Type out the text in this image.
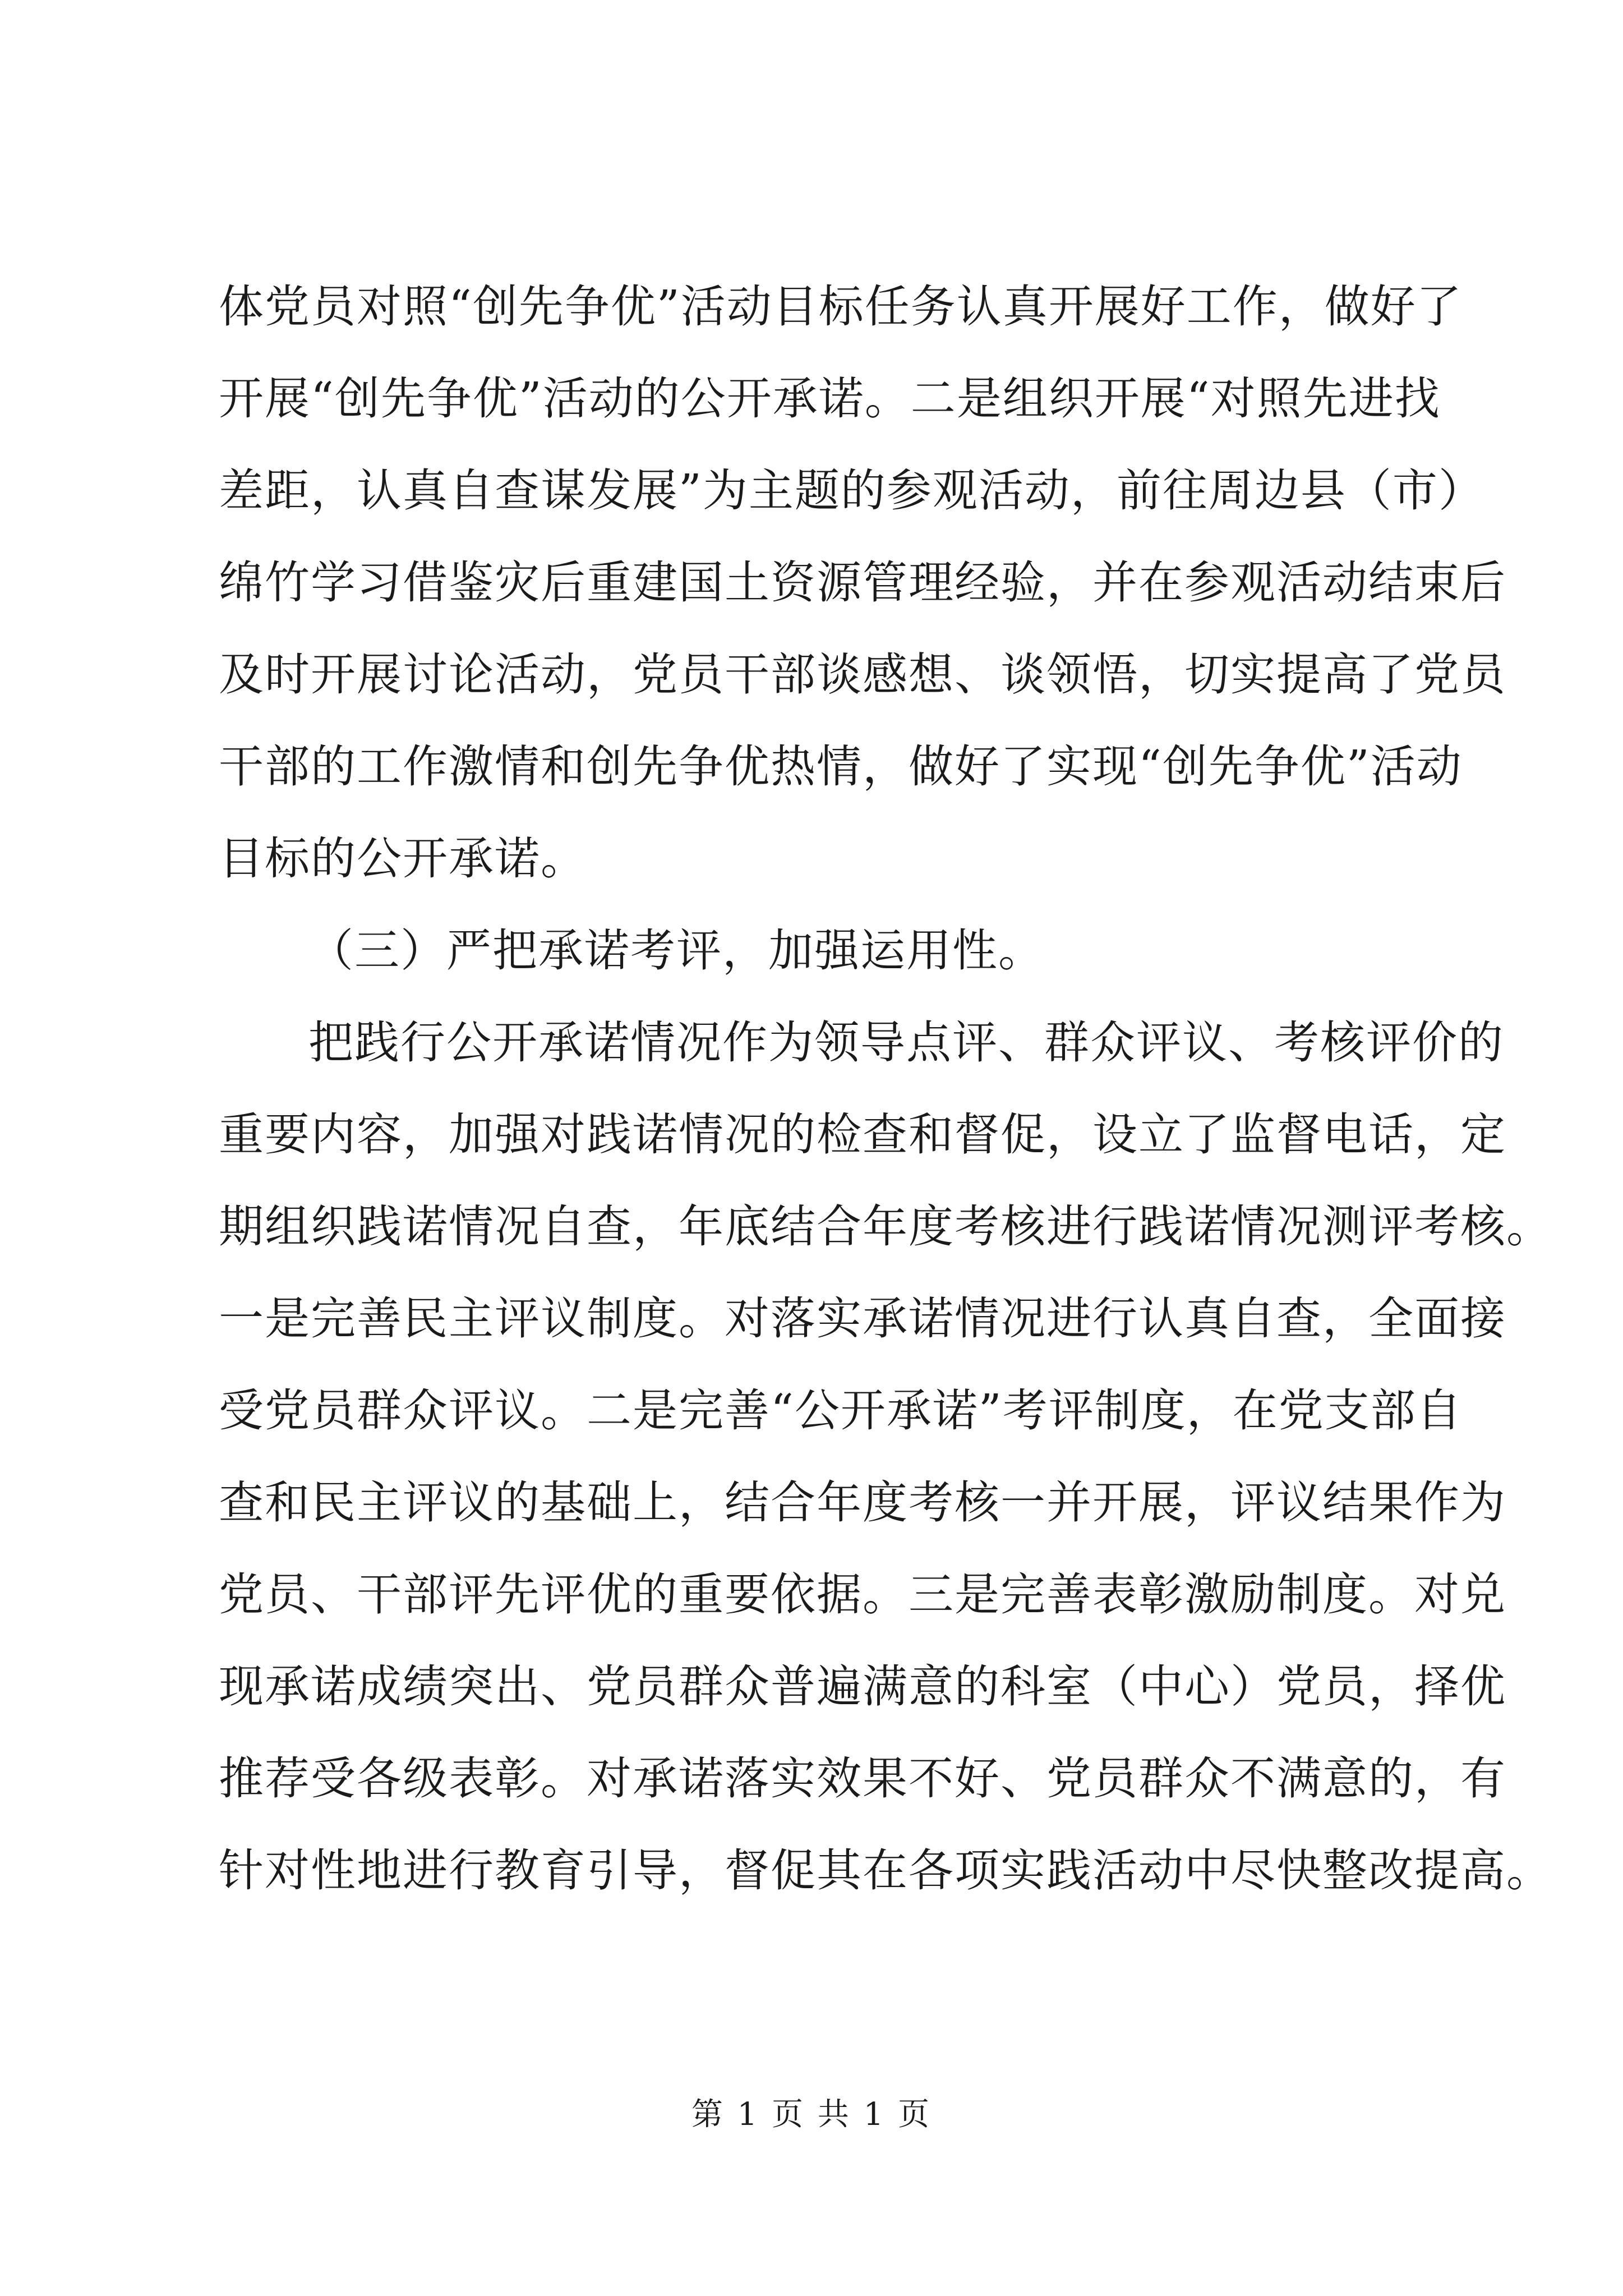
体党员对照“创先争优”活动目标任务认真开展好工作，做好了
开展“创先争优”活动的公开承诺。二是组织开展“对照先进找
差距，认真自查谋发展”为主题的参观活动，前往周边县（市）
绵竹学习借鉴灾后重建国土资源管理经验，并在参观活动结束后
及时开展讨论活动，党员干部谈感想、谈领悟，切实提高了党员
干部的工作激情和创先争优热情，做好了实现“创先争优”活动
目标的公开承诺。
（三）严把承诺考评，加强运用性。
把践行公开承诺情况作为领导点评、群众评议、考核评价的
重要内容，加强对践诺情况的检查和督促，设立了监督电话，定
期组织践诺情况自查，年底结合年度考核进行践诺情况测评考核。
一是完善民主评议制度。对落实承诺情况进行认真自查，全面接
受党员群众评议。二是完善“公开承诺”考评制度，在党支部自
查和民主评议的基础上，结合年度考核一并开展，评议结果作为
党员、干部评先评优的重要依据。三是完善表彰激励制度。对兑
现承诺成绩突出、党员群众普遍满意的科室（中心）党员，择优
推荐受各级表彰。对承诺落实效果不好、党员群众不满意的，有
针对性地进行教育引导，督促其在各项实践活动中尽快整改提高。
第 1 页 共 1 页
